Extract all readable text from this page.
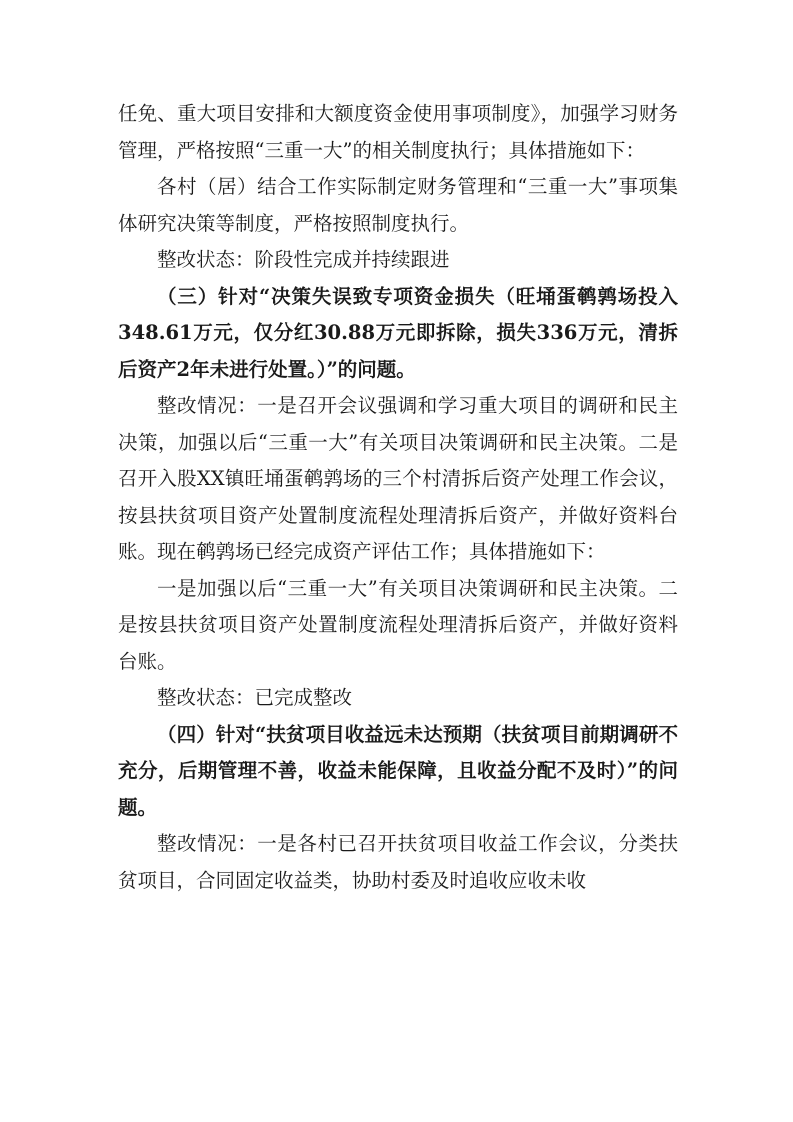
任免、重大项目安排和大额度资金使用事项制度》，加强学习财务管理，严格按照“三重一大”的相关制度执行；具体措施如下：

各村（居）结合工作实际制定财务管理和“三重一大”事项集体研究决策等制度，严格按照制度执行。

整改状态：阶段性完成并持续跟进

（三）针对“决策失误致专项资金损失（旺埇蛋鹌鹑场投入348.61万元，仅分红30.88万元即拆除，损失336万元，清拆后资产2年未进行处置。）”的问题。

整改情况：一是召开会议强调和学习重大项目的调研和民主决策，加强以后“三重一大”有关项目决策调研和民主决策。二是召开入股XX镇旺埇蛋鹌鹑场的三个村清拆后资产处理工作会议，按县扶贫项目资产处置制度流程处理清拆后资产，并做好资料台账。现在鹌鹑场已经完成资产评估工作；具体措施如下：

一是加强以后“三重一大”有关项目决策调研和民主决策。二是按县扶贫项目资产处置制度流程处理清拆后资产，并做好资料台账。

整改状态：已完成整改

（四）针对“扶贫项目收益远未达预期（扶贫项目前期调研不充分，后期管理不善，收益未能保障，且收益分配不及时）”的问题。

整改情况：一是各村已召开扶贫项目收益工作会议，分类扶贫项目，合同固定收益类，协助村委及时追收应收未收
